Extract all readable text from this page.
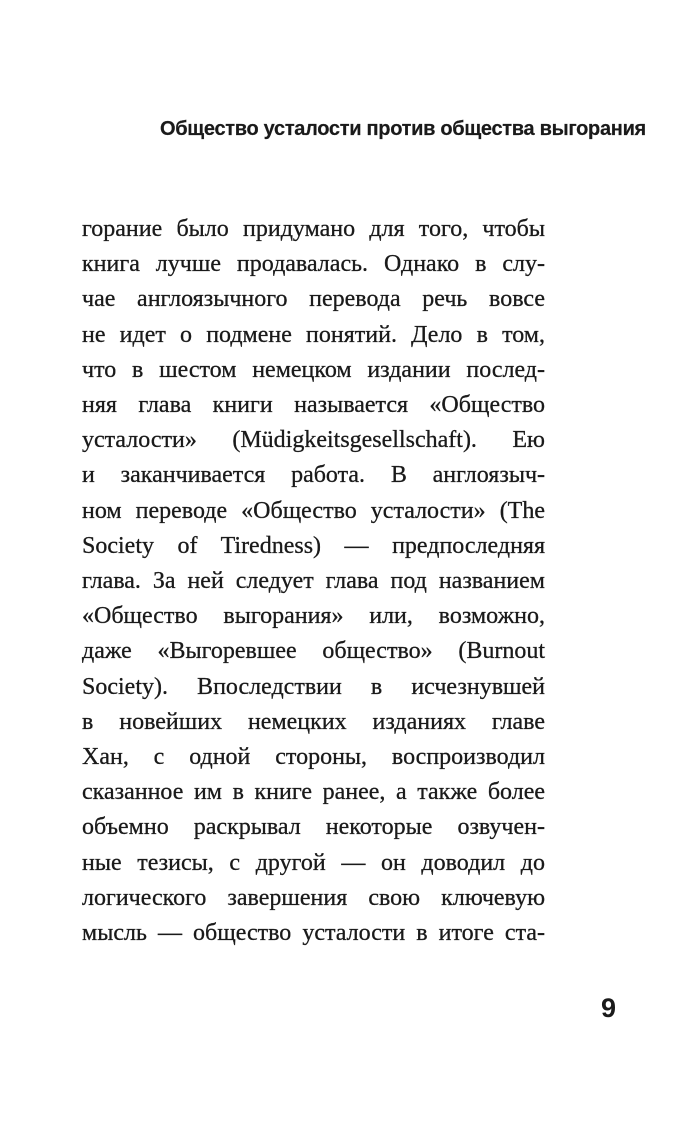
Общество усталости против общества выгорания
горание было придумано для того, чтобы
книга лучше продавалась. Однако в слу-
чае англоязычного перевода речь вовсе
не идет о подмене понятий. Дело в том,
что в шестом немецком издании послед-
няя глава книги называется «Общество
усталости» (Müdigkeitsgesellschaft). Ею
и заканчивается работа. В англоязыч-
ном переводе «Общество усталости» (The
Society of Tiredness) — предпоследняя
глава. За ней следует глава под названием
«Общество выгорания» или, возможно,
даже «Выгоревшее общество» (Burnout
Society). Впоследствии в исчезнувшей
в новейших немецких изданиях главе
Хан, с одной стороны, воспроизводил
сказанное им в книге ранее, а также более
объемно раскрывал некоторые озвучен-
ные тезисы, с другой — он доводил до
логического завершения свою ключевую
мысль — общество усталости в итоге ста-
9
